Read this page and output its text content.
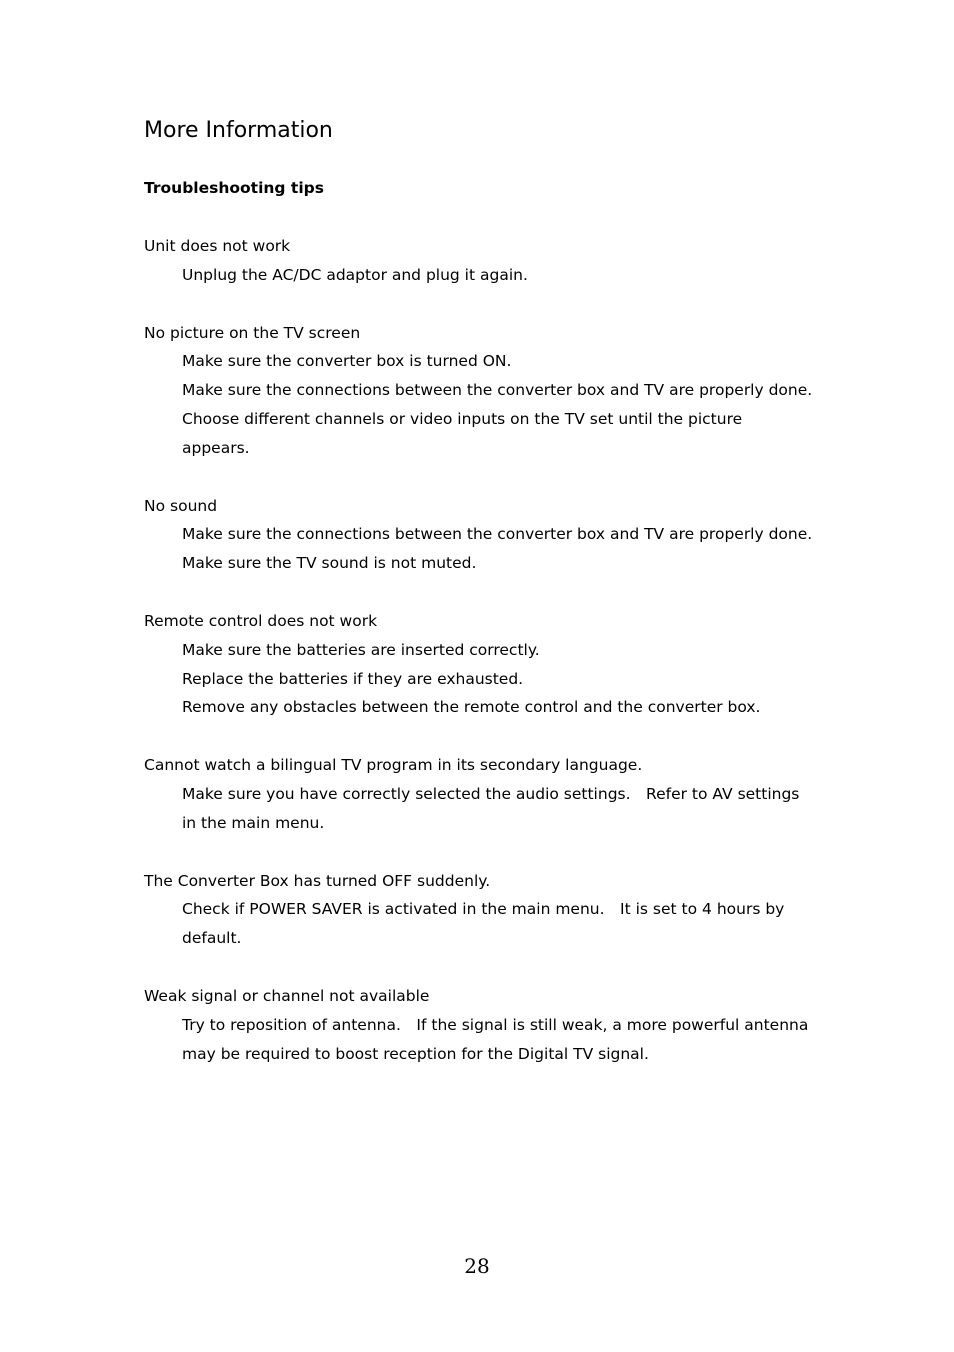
More Information
Troubleshooting tips
Unit does not work
Unplug the AC/DC adaptor and plug it again.
No picture on the TV screen
Make sure the converter box is turned ON.
Make sure the connections between the converter box and TV are properly done.
Choose different channels or video inputs on the TV set until the picture appears.
No sound
Make sure the connections between the converter box and TV are properly done.
Make sure the TV sound is not muted.
Remote control does not work
Make sure the batteries are inserted correctly.
Replace the batteries if they are exhausted.
Remove any obstacles between the remote control and the converter box.
Cannot watch a bilingual TV program in its secondary language.
Make sure you have correctly selected the audio settings. Refer to AV settings in the main menu.
The Converter Box has turned OFF suddenly.
Check if POWER SAVER is activated in the main menu. It is set to 4 hours by default.
Weak signal or channel not available
Try to reposition of antenna. If the signal is still weak, a more powerful antenna may be required to boost reception for the Digital TV signal.
28
